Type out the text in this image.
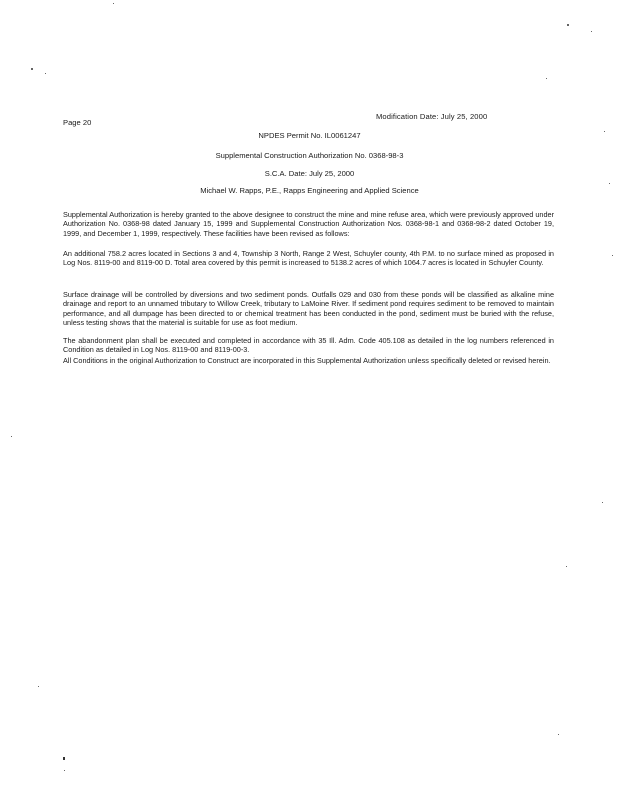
Modification Date: July 25, 2000
Page 20
NPDES Permit No. IL0061247
Supplemental Construction Authorization No. 0368-98-3
S.C.A. Date: July 25, 2000
Michael W. Rapps, P.E., Rapps Engineering and Applied Science

Supplemental Authorization is hereby granted to the above designee to construct the mine and mine refuse area, which were previously approved under Authorization No. 0368-98 dated January 15, 1999 and Supplemental Construction Authorization Nos. 0368-98-1 and 0368-98-2 dated October 19, 1999, and December 1, 1999, respectively. These facilities have been revised as follows:

An additional 758.2 acres located in Sections 3 and 4, Township 3 North, Range 2 West, Schuyler county, 4th P.M. to no surface mined as proposed in Log Nos. 8119-00 and 8119-00 D. Total area covered by this permit is increased to 5138.2 acres of which 1064.7 acres is located in Schuyler County.

Surface drainage will be controlled by diversions and two sediment ponds. Outfalls 029 and 030 from these ponds will be classified as alkaline mine drainage and report to an unnamed tributary to Willow Creek, tributary to LaMoine River. If sediment pond requires sediment to be removed to maintain performance, and all dumpage has been directed to or chemical treatment has been conducted in the pond, sediment must be buried with the refuse, unless testing shows that the material is suitable for use as foot medium.

The abandonment plan shall be executed and completed in accordance with 35 Ill. Adm. Code 405.108 as detailed in the log numbers referenced in Condition as detailed in Log Nos. 8119-00 and 8119-00-3.

All Conditions in the original Authorization to Construct are incorporated in this Supplemental Authorization unless specifically deleted or revised herein.
